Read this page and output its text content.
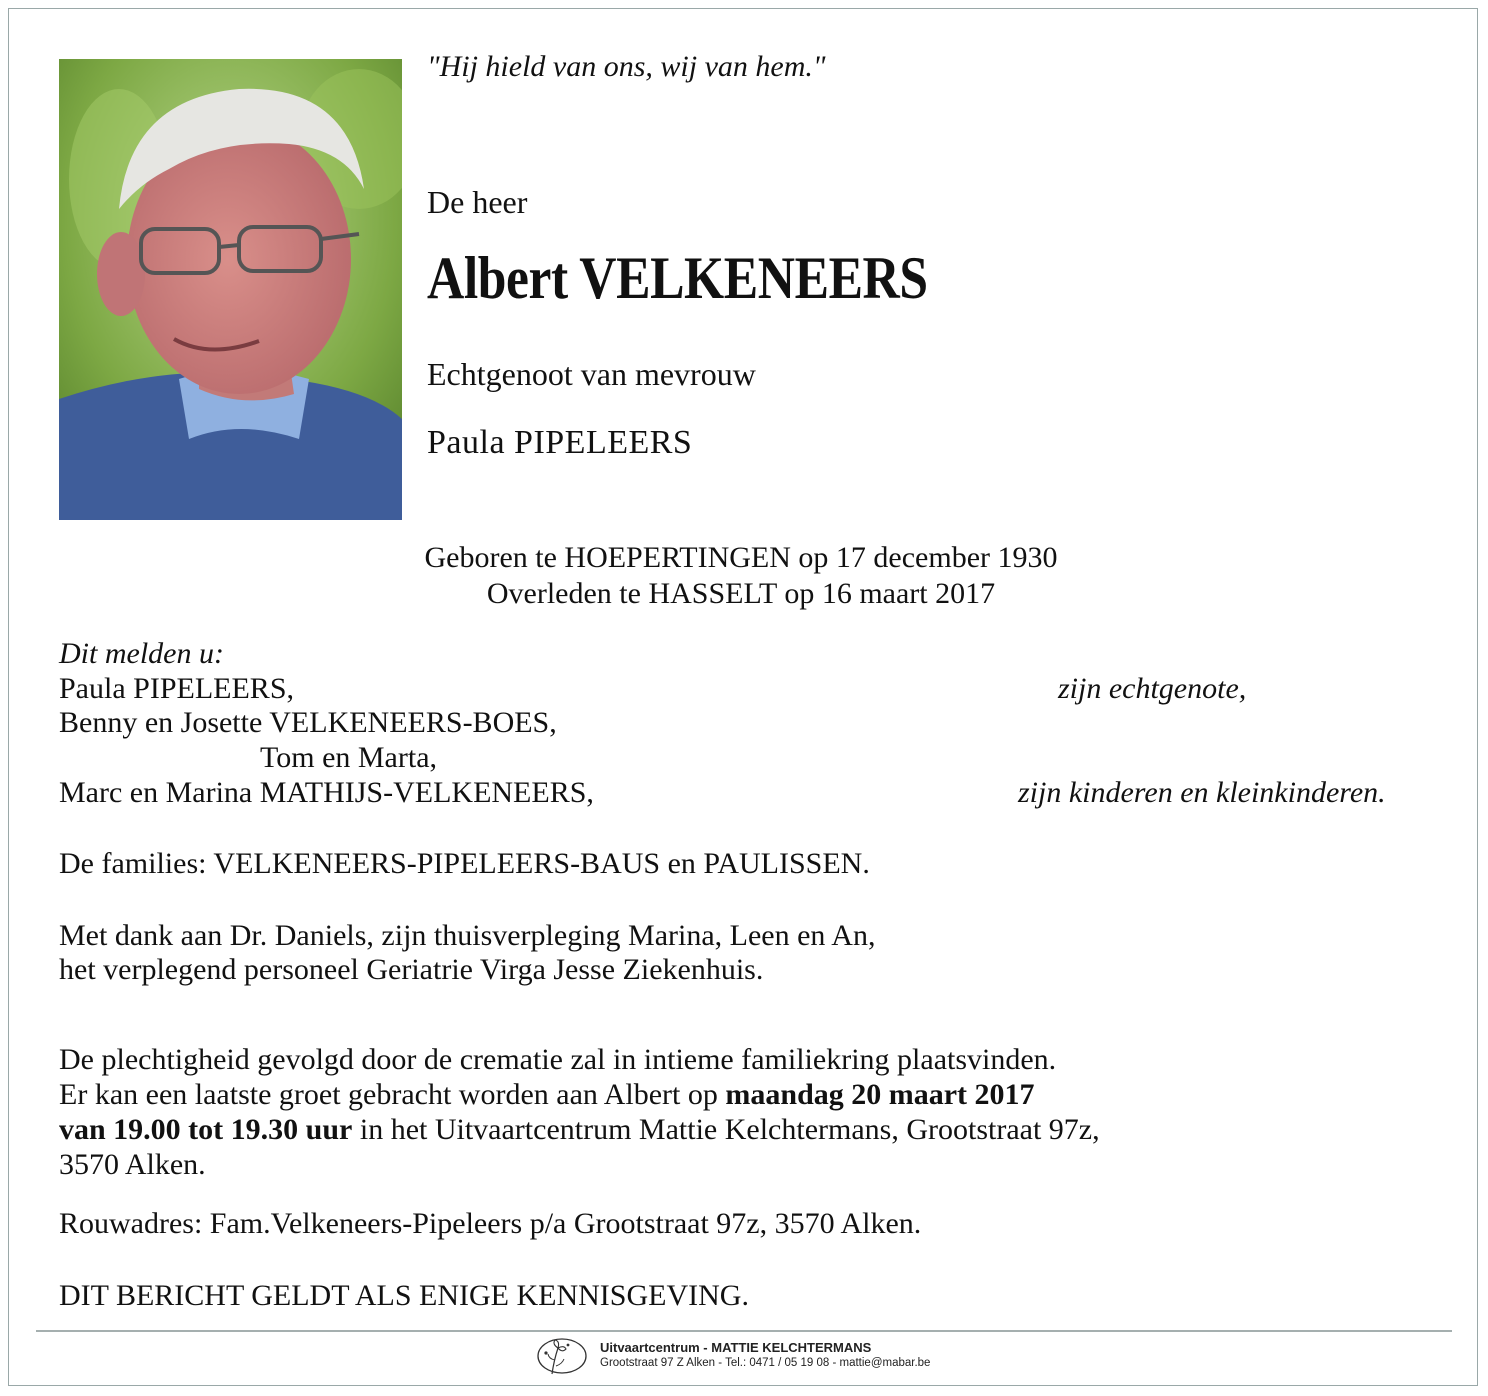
"Hij hield van ons, wij van hem."
De heer
Albert VELKENEERS
Echtgenoot van mevrouw
Paula PIPELEERS
Geboren te HOEPERTINGEN op 17 december 1930
Overleden te HASSELT op 16 maart 2017
Dit melden u:
Paula PIPELEERS,	zijn echtgenote,
Benny en Josette VELKENEERS-BOES,
Tom en Marta,
Marc en Marina MATHIJS-VELKENEERS,	zijn kinderen en kleinkinderen.
De families: VELKENEERS-PIPELEERS-BAUS en PAULISSEN.
Met dank aan Dr. Daniels, zijn thuisverpleging Marina, Leen en An,
het verplegend personeel Geriatrie Virga Jesse Ziekenhuis.
De plechtigheid gevolgd door de crematie zal in intieme familiekring plaatsvinden.
Er kan een laatste groet gebracht worden aan Albert op maandag 20 maart 2017
van 19.00 tot 19.30 uur in het Uitvaartcentrum Mattie Kelchtermans, Grootstraat 97z,
3570 Alken.
Rouwadres: Fam.Velkeneers-Pipeleers p/a Grootstraat 97z, 3570 Alken.
DIT BERICHT GELDT ALS ENIGE KENNISGEVING.
Uitvaartcentrum - MATTIE KELCHTERMANS
Grootstraat 97 Z Alken - Tel.: 0471 / 05 19 08 - mattie@mabar.be
